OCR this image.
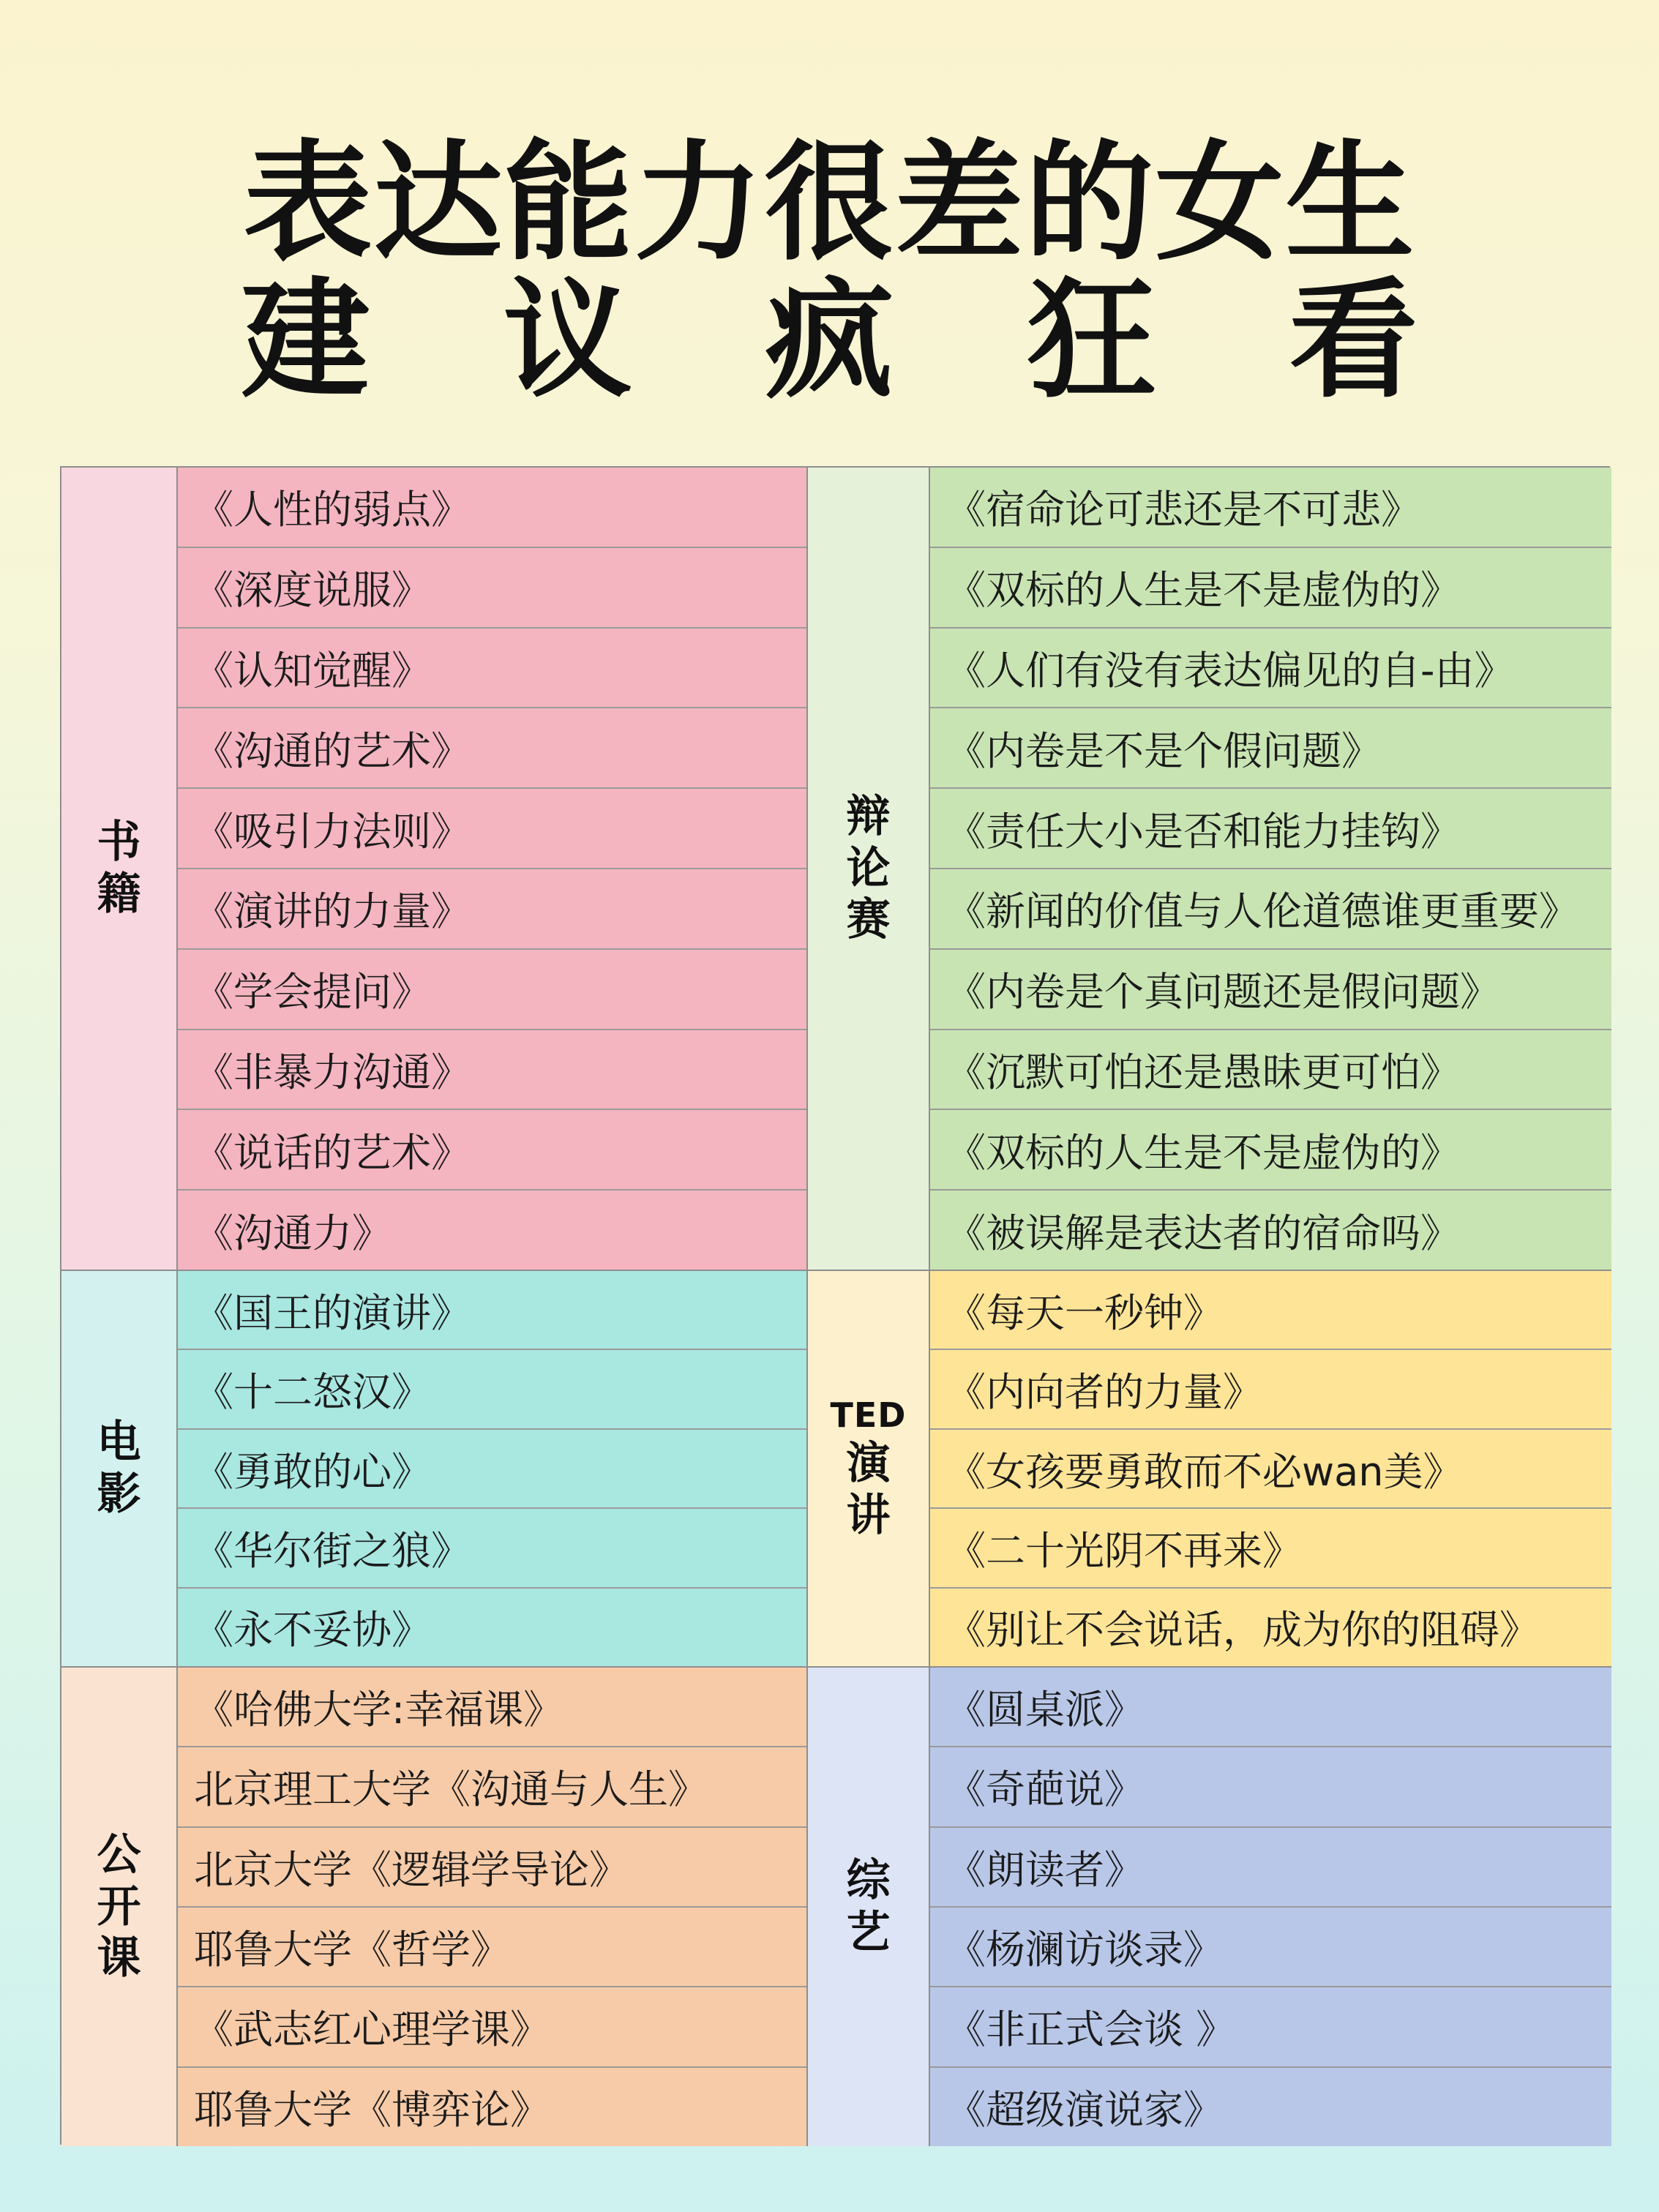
表达能力很差的女生
建 议 疯 狂 看
书
籍
《人性的弱点》
《深度说服》
《认知觉醒》
《沟通的艺术》
《吸引力法则》
《演讲的力量》
《学会提问》
《非暴力沟通》
《说话的艺术》
《沟通力》
辩
论
赛
《宿命论可悲还是不可悲》
《双标的人生是不是虚伪的》
《人们有没有表达偏见的自-由》
《内卷是不是个假问题》
《责任大小是否和能力挂钩》
《新闻的价值与人伦道德谁更重要》
《内卷是个真问题还是假问题》
《沉默可怕还是愚昧更可怕》
《双标的人生是不是虚伪的》
《被误解是表达者的宿命吗》
电
影
《国王的演讲》
《十二怒汉》
《勇敢的心》
《华尔街之狼》
《永不妥协》
TED
演
讲
《每天一秒钟》
《内向者的力量》
《女孩要勇敢而不必wan美》
《二十光阴不再来》
《别让不会说话，成为你的阻碍》
公
开
课
《哈佛大学:幸福课》
北京理工大学《沟通与人生》
北京大学《逻辑学导论》
耶鲁大学《哲学》
《武志红心理学课》
耶鲁大学《博弈论》
综
艺
《圆桌派》
《奇葩说》
《朗读者》
《杨澜访谈录》
《非正式会谈 》
《超级演说家》
